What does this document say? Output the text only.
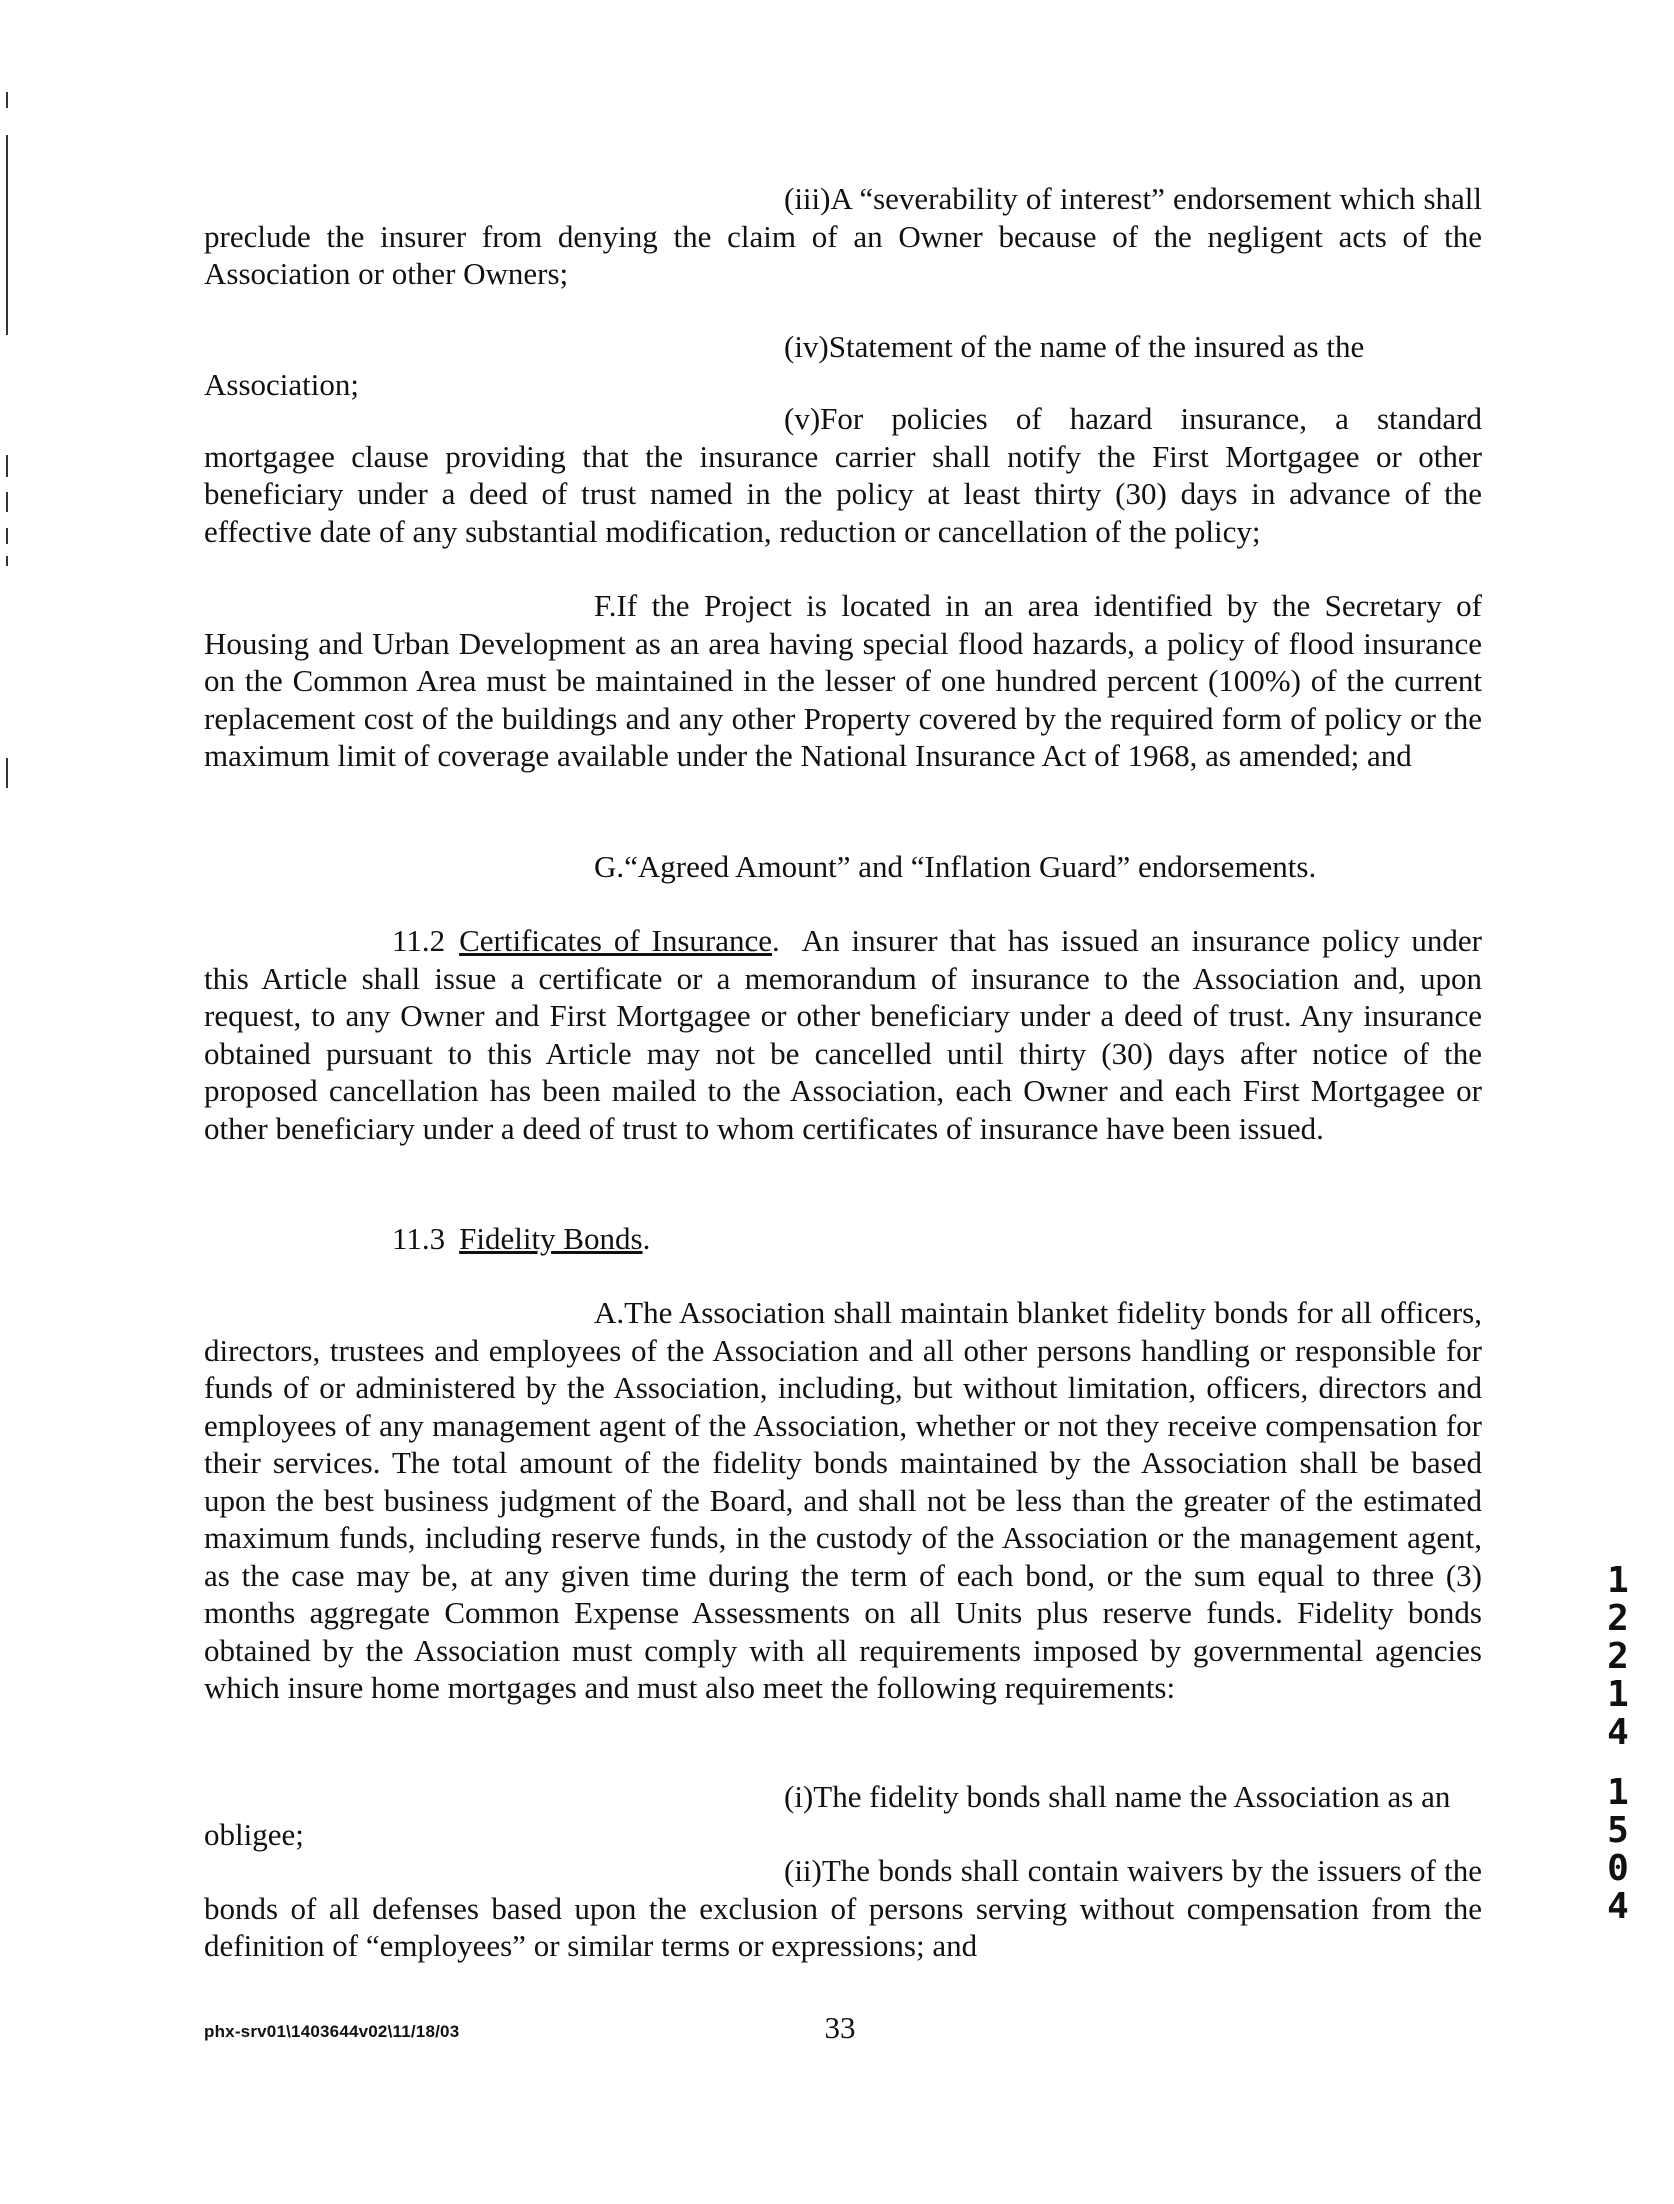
(iii)A “severability of interest” endorsement which shall preclude the insurer from denying the claim of an Owner because of the negligent acts of the Association or other Owners;

(iv)Statement of the name of the insured as the Association;

(v)For policies of hazard insurance, a standard mortgagee clause providing that the insurance carrier shall notify the First Mortgagee or other beneficiary under a deed of trust named in the policy at least thirty (30) days in advance of the effective date of any substantial modification, reduction or cancellation of the policy;

F.If the Project is located in an area identified by the Secretary of Housing and Urban Development as an area having special flood hazards, a policy of flood insurance on the Common Area must be maintained in the lesser of one hundred percent (100%) of the current replacement cost of the buildings and any other Property covered by the required form of policy or the maximum limit of coverage available under the National Insurance Act of 1968, as amended; and

G.“Agreed Amount” and “Inflation Guard” endorsements.

11.2 Certificates of Insurance.  An insurer that has issued an insurance policy under this Article shall issue a certificate or a memorandum of insurance to the Association and, upon request, to any Owner and First Mortgagee or other beneficiary under a deed of trust. Any insurance obtained pursuant to this Article may not be cancelled until thirty (30) days after notice of the proposed cancellation has been mailed to the Association, each Owner and each First Mortgagee or other beneficiary under a deed of trust to whom certificates of insurance have been issued.

11.3 Fidelity Bonds.

A.The Association shall maintain blanket fidelity bonds for all officers, directors, trustees and employees of the Association and all other persons handling or responsible for funds of or administered by the Association, including, but without limitation, officers, directors and employees of any management agent of the Association, whether or not they receive compensation for their services. The total amount of the fidelity bonds maintained by the Association shall be based upon the best business judgment of the Board, and shall not be less than the greater of the estimated maximum funds, including reserve funds, in the custody of the Association or the management agent, as the case may be, at any given time during the term of each bond, or the sum equal to three (3) months aggregate Common Expense Assessments on all Units plus reserve funds. Fidelity bonds obtained by the Association must comply with all requirements imposed by governmental agencies which insure home mortgages and must also meet the following requirements:

(i)The fidelity bonds shall name the Association as an obligee;

(ii)The bonds shall contain waivers by the issuers of the bonds of all defenses based upon the exclusion of persons serving without compensation from the definition of “employees” or similar terms or expressions; and

1
2
2
1
4
1
5
0
4
phx-srv01\1403644v02\11/18/03	33
